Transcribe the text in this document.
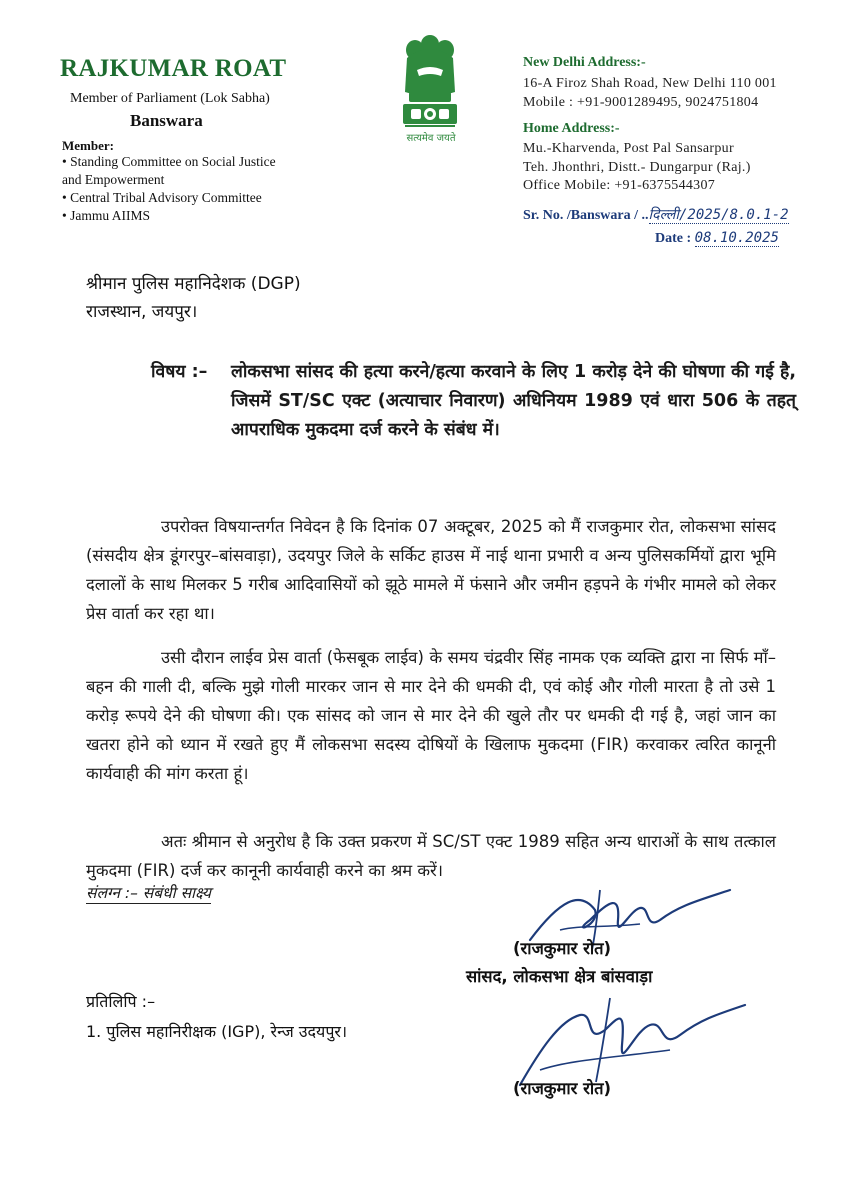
RAJKUMAR ROAT
Member of Parliament (Lok Sabha)
Banswara
Member:
• Standing Committee on Social Justice
and Empowerment
• Central Tribal Advisory Committee
• Jammu AIIMS
सत्यमेव जयते
New Delhi Address:-
16-A Firoz Shah Road, New Delhi 110 001
Mobile : +91-9001289495, 9024751804
Home Address:-
Mu.-Kharvenda, Post Pal Sansarpur
Teh. Jhonthri, Distt.- Dungarpur (Raj.)
Office Mobile: +91-6375544307
Sr. No. /Banswara / ..दिल्ली/2025/8.0.1-2
Date : 08.10.2025
श्रीमान पुलिस महानिदेशक (DGP)
राजस्थान, जयपुर।
विषय :– लोकसभा सांसद की हत्या करने/हत्या करवाने के लिए 1 करोड़ देने की घोषणा की गई है, जिसमें ST/SC एक्ट (अत्याचार निवारण) अधिनियम 1989 एवं धारा 506 के तहत् आपराधिक मुकदमा दर्ज करने के संबंध में।
उपरोक्त विषयान्तर्गत निवेदन है कि दिनांक 07 अक्टूबर, 2025 को मैं राजकुमार रोत, लोकसभा सांसद (संसदीय क्षेत्र डूंगरपुर–बांसवाड़ा), उदयपुर जिले के सर्किट हाउस में नाई थाना प्रभारी व अन्य पुलिसकर्मियों द्वारा भूमि दलालों के साथ मिलकर 5 गरीब आदिवासियों को झूठे मामले में फंसाने और जमीन हड़पने के गंभीर मामले को लेकर प्रेस वार्ता कर रहा था।
उसी दौरान लाईव प्रेस वार्ता (फेसबूक लाईव) के समय चंद्रवीर सिंह नामक एक व्यक्ति द्वारा ना सिर्फ माँ–बहन की गाली दी, बल्कि मुझे गोली मारकर जान से मार देने की धमकी दी, एवं कोई और गोली मारता है तो उसे 1 करोड़ रूपये देने की घोषणा की। एक सांसद को जान से मार देने की खुले तौर पर धमकी दी गई है, जहां जान का खतरा होने को ध्यान में रखते हुए मैं लोकसभा सदस्य दोषियों के खिलाफ मुकदमा (FIR) करवाकर त्वरित कानूनी कार्यवाही की मांग करता हूं।
अतः श्रीमान से अनुरोध है कि उक्त प्रकरण में SC/ST एक्ट 1989 सहित अन्य धाराओं के साथ तत्काल मुकदमा (FIR) दर्ज कर कानूनी कार्यवाही करने का श्रम करें।
संलग्न :– संबंधी साक्ष्य
(राजकुमार रोत)
सांसद, लोकसभा क्षेत्र बांसवाड़ा
प्रतिलिपि :–
1. पुलिस महानिरीक्षक (IGP), रेन्ज उदयपुर।
(राजकुमार रोत)
